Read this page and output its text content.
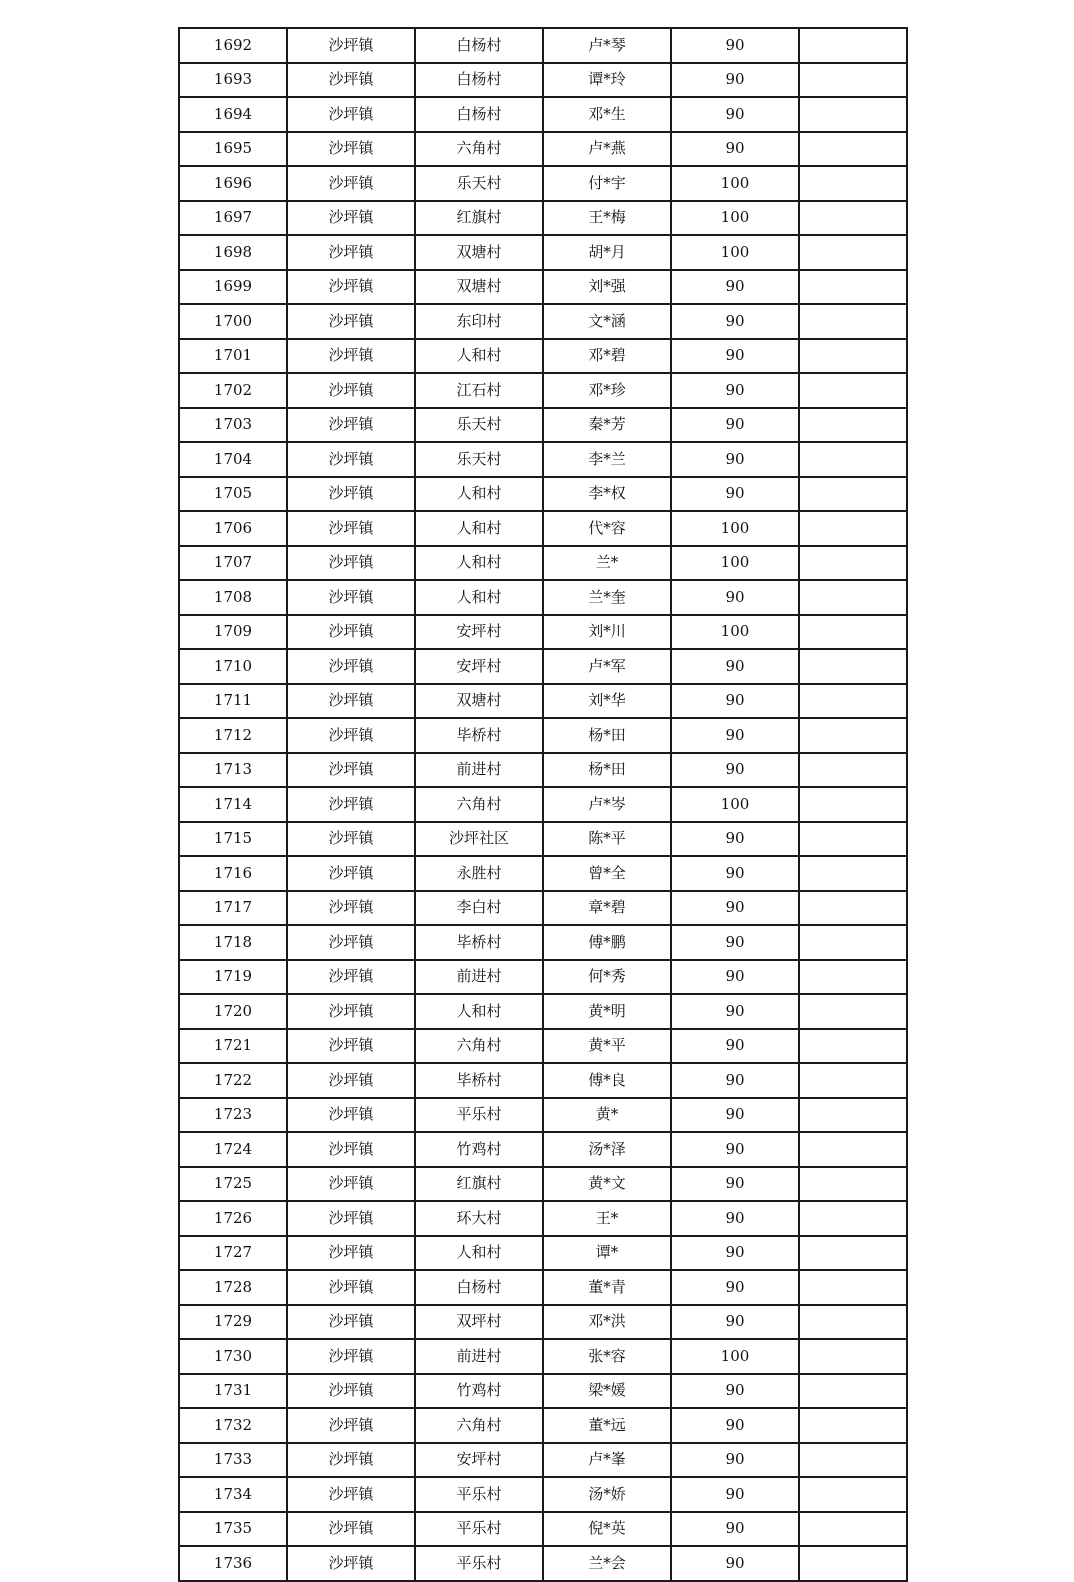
1692	沙坪镇	白杨村	卢*琴	90	
1693	沙坪镇	白杨村	谭*玲	90	
1694	沙坪镇	白杨村	邓*生	90	
1695	沙坪镇	六角村	卢*燕	90	
1696	沙坪镇	乐天村	付*宇	100	
1697	沙坪镇	红旗村	王*梅	100	
1698	沙坪镇	双塘村	胡*月	100	
1699	沙坪镇	双塘村	刘*强	90	
1700	沙坪镇	东印村	文*涵	90	
1701	沙坪镇	人和村	邓*碧	90	
1702	沙坪镇	江石村	邓*珍	90	
1703	沙坪镇	乐天村	秦*芳	90	
1704	沙坪镇	乐天村	李*兰	90	
1705	沙坪镇	人和村	李*权	90	
1706	沙坪镇	人和村	代*容	100	
1707	沙坪镇	人和村	兰*	100	
1708	沙坪镇	人和村	兰*奎	90	
1709	沙坪镇	安坪村	刘*川	100	
1710	沙坪镇	安坪村	卢*军	90	
1711	沙坪镇	双塘村	刘*华	90	
1712	沙坪镇	毕桥村	杨*田	90	
1713	沙坪镇	前进村	杨*田	90	
1714	沙坪镇	六角村	卢*岑	100	
1715	沙坪镇	沙坪社区	陈*平	90	
1716	沙坪镇	永胜村	曾*全	90	
1717	沙坪镇	李白村	章*碧	90	
1718	沙坪镇	毕桥村	傅*鹏	90	
1719	沙坪镇	前进村	何*秀	90	
1720	沙坪镇	人和村	黄*明	90	
1721	沙坪镇	六角村	黄*平	90	
1722	沙坪镇	毕桥村	傅*良	90	
1723	沙坪镇	平乐村	黄*	90	
1724	沙坪镇	竹鸡村	汤*泽	90	
1725	沙坪镇	红旗村	黄*文	90	
1726	沙坪镇	环大村	王*	90	
1727	沙坪镇	人和村	谭*	90	
1728	沙坪镇	白杨村	董*青	90	
1729	沙坪镇	双坪村	邓*洪	90	
1730	沙坪镇	前进村	张*容	100	
1731	沙坪镇	竹鸡村	梁*媛	90	
1732	沙坪镇	六角村	董*远	90	
1733	沙坪镇	安坪村	卢*峯	90	
1734	沙坪镇	平乐村	汤*娇	90	
1735	沙坪镇	平乐村	倪*英	90	
1736	沙坪镇	平乐村	兰*会	90	
